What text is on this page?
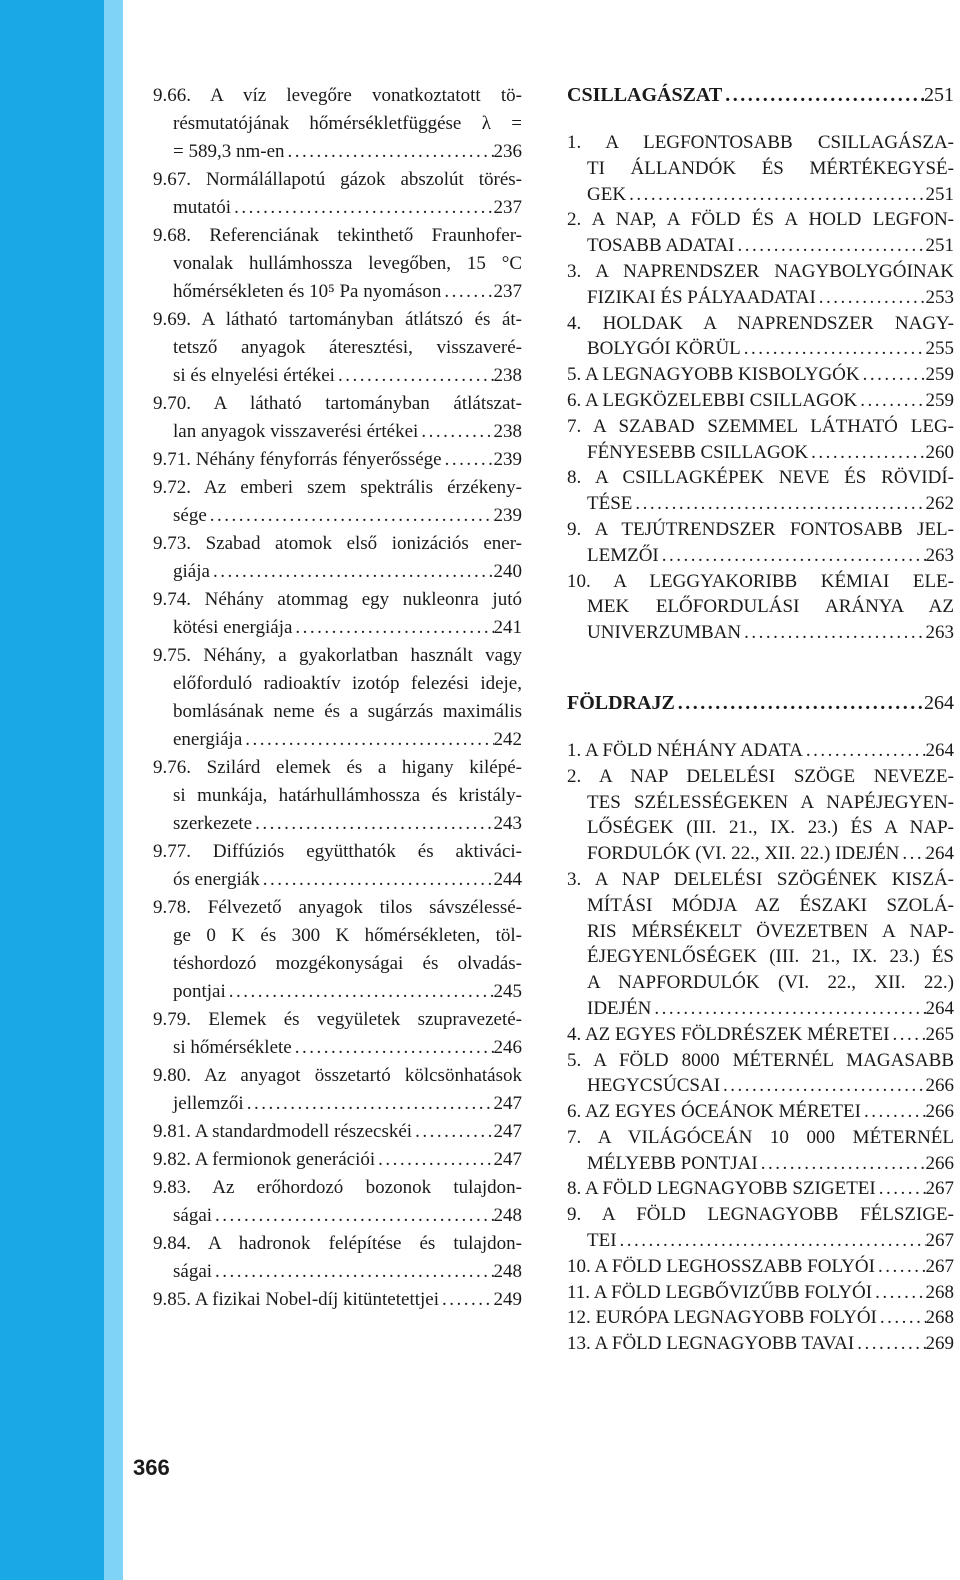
9.66. A víz levegőre vonatkoztatott tö-
résmutatójának hőmérsékletfüggése λ =
= 589,3 nm-en .....	236
9.67. Normálállapotú gázok abszolút törés-
mutatói .....	237
9.68. Referenciának tekinthető Fraunhofer-
vonalak hullámhossza levegőben, 15 °C
hőmérsékleten és 10⁵ Pa nyomáson .....	237
9.69. A látható tartományban átlátszó és át-
tetsző anyagok áteresztési, visszaveré-
si és elnyelési értékei .....	238
9.70. A látható tartományban átlátszat-
lan anyagok visszaverési értékei .....	238
9.71. Néhány fényforrás fényerőssége .....	239
9.72. Az emberi szem spektrális érzékeny-
sége .....	239
9.73. Szabad atomok első ionizációs ener-
giája .....	240
9.74. Néhány atommag egy nukleonra jutó
kötési energiája .....	241
9.75. Néhány, a gyakorlatban használt vagy
előforduló radioaktív izotóp felezési ideje,
bomlásának neme és a sugárzás maximális
energiája .....	242
9.76. Szilárd elemek és a higany kilépé-
si munkája, határhullámhossza és kristály-
szerkezete .....	243
9.77. Diffúziós együtthatók és aktiváci-
ós energiák .....	244
9.78. Félvezető anyagok tilos sávszélessé-
ge 0 K és 300 K hőmérsékleten, töl-
téshordozó mozgékonyságai és olvadás-
pontjai .....	245
9.79. Elemek és vegyületek szupravezeté-
si hőmérséklete .....	246
9.80. Az anyagot összetartó kölcsönhatások
jellemzői .....	247
9.81. A standardmodell részecskéi .....	247
9.82. A fermionok generációi .....	247
9.83. Az erőhordozó bozonok tulajdon-
ságai .....	248
9.84. A hadronok felépítése és tulajdon-
ságai .....	248
9.85. A fizikai Nobel-díj kitüntetettjei .....	249
CSILLAGÁSZAT .....	251
1. A LEGFONTOSABB CSILLAGÁSZA-
TI ÁLLANDÓK ÉS MÉRTÉKEGYSÉ-
GEK .....	251
2. A NAP, A FÖLD ÉS A HOLD LEGFON-
TOSABB ADATAI .....	251
3. A NAPRENDSZER NAGYBOLYGÓINAK
FIZIKAI ÉS PÁLYAADATAI .....	253
4. HOLDAK A NAPRENDSZER NAGY-
BOLYGÓI KÖRÜL .....	255
5. A LEGNAGYOBB KISBOLYGÓK .....	259
6. A LEGKÖZELEBBI CSILLAGOK .....	259
7. A SZABAD SZEMMEL LÁTHATÓ LEG-
FÉNYESEBB CSILLAGOK .....	260
8. A CSILLAGKÉPEK NEVE ÉS RÖVIDÍ-
TÉSE .....	262
9. A TEJÚTRENDSZER FONTOSABB JEL-
LEMZŐI .....	263
10. A LEGGYAKORIBB KÉMIAI ELE-
MEK ELŐFORDULÁSI ARÁNYA AZ
UNIVERZUMBAN .....	263
FÖLDRAJZ .....	264
1. A FÖLD NÉHÁNY ADATA .....	264
2. A NAP DELELÉSI SZÖGE NEVEZE-
TES SZÉLESSÉGEKEN A NAPÉJEGYEN-
LŐSÉGEK (III. 21., IX. 23.) ÉS A NAP-
FORDULÓK (VI. 22., XII. 22.) IDEJÉN ..... 264
3. A NAP DELELÉSI SZÖGÉNEK KISZÁ-
MÍTÁSI MÓDJA AZ ÉSZAKI SZOLÁ-
RIS MÉRSÉKELT ÖVEZETBEN A NAP-
ÉJEGYENLŐSÉGEK (III. 21., IX. 23.) ÉS
A NAPFORDULÓK (VI. 22., XII. 22.)
IDEJÉN .....	264
4. AZ EGYES FÖLDRÉSZEK MÉRETEI ..... 265
5. A FÖLD 8000 MÉTERNÉL MAGASABB
HEGYCSÚCSAI .....	266
6. AZ EGYES ÓCEÁNOK MÉRETEI .....	266
7. A VILÁGÓCEÁN 10 000 MÉTERNÉL
MÉLYEBB PONTJAI .....	266
8. A FÖLD LEGNAGYOBB SZIGETEI .....	267
9. A FÖLD LEGNAGYOBB FÉLSZIGE-
TEI .....	267
10. A FÖLD LEGHOSSZABB FOLYÓI .....	267
11. A FÖLD LEGBŐVIZŰBB FOLYÓI .....	268
12. EURÓPA LEGNAGYOBB FOLYÓI .....	268
13. A FÖLD LEGNAGYOBB TAVAI .....	269
366
